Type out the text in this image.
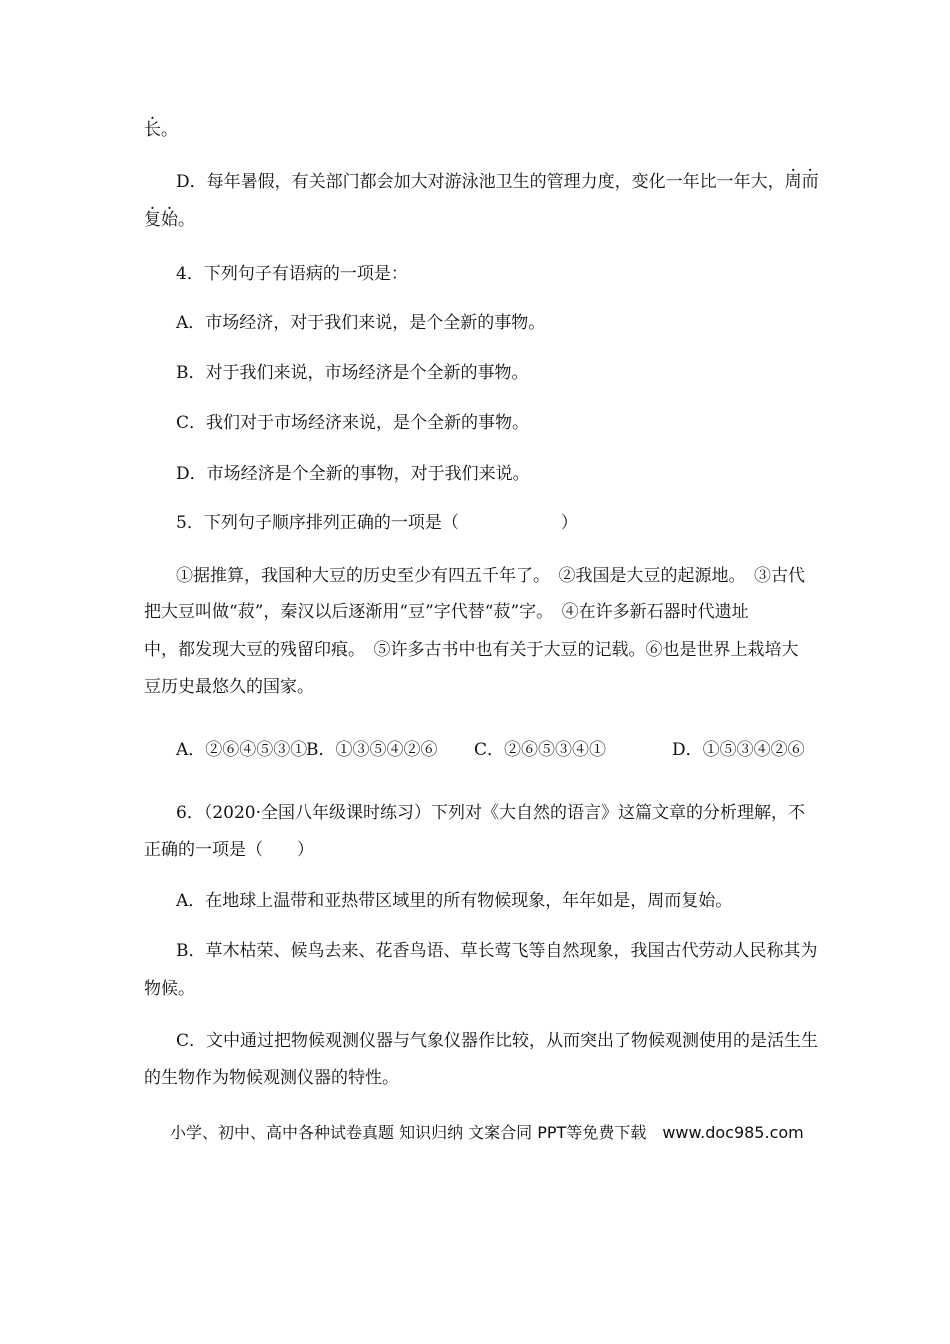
长。
D．每年暑假，有关部门都会加大对游泳池卫生的管理力度，变化一年比一年大，周而
复始。
4．下列句子有语病的一项是：
A．市场经济，对于我们来说，是个全新的事物。
B．对于我们来说，市场经济是个全新的事物。
C．我们对于市场经济来说，是个全新的事物。
D．市场经济是个全新的事物，对于我们来说。
5．下列句子顺序排列正确的一项是（　　　　　　）
①据推算，我国种大豆的历史至少有四五千年了。　②我国是大豆的起源地。　③古代
把大豆叫做“菽”，秦汉以后逐渐用“豆”字代替“菽”字。　④在许多新石器时代遗址
中，都发现大豆的残留印痕。　⑤许多古书中也有关于大豆的记载。⑥也是世界上栽培大
豆历史最悠久的国家。
A．②⑥④⑤③①
B．①③⑤④②⑥ C．②⑥⑤③④①	D．①⑤③④②⑥
6．（2020·全国八年级课时练习）下列对《大自然的语言》这篇文章的分析理解，不
正确的一项是（　　）
A．在地球上温带和亚热带区域里的所有物候现象，年年如是，周而复始。
B．草木枯荣、候鸟去来、花香鸟语、草长莺飞等自然现象，我国古代劳动人民称其为
物候。
C．文中通过把物候观测仪器与气象仪器作比较，从而突出了物候观测使用的是活生生
的生物作为物候观测仪器的特性。
小学、初中、高中各种试卷真题 知识归纳 文案合同 PPT等免费下载　www.doc985.com
